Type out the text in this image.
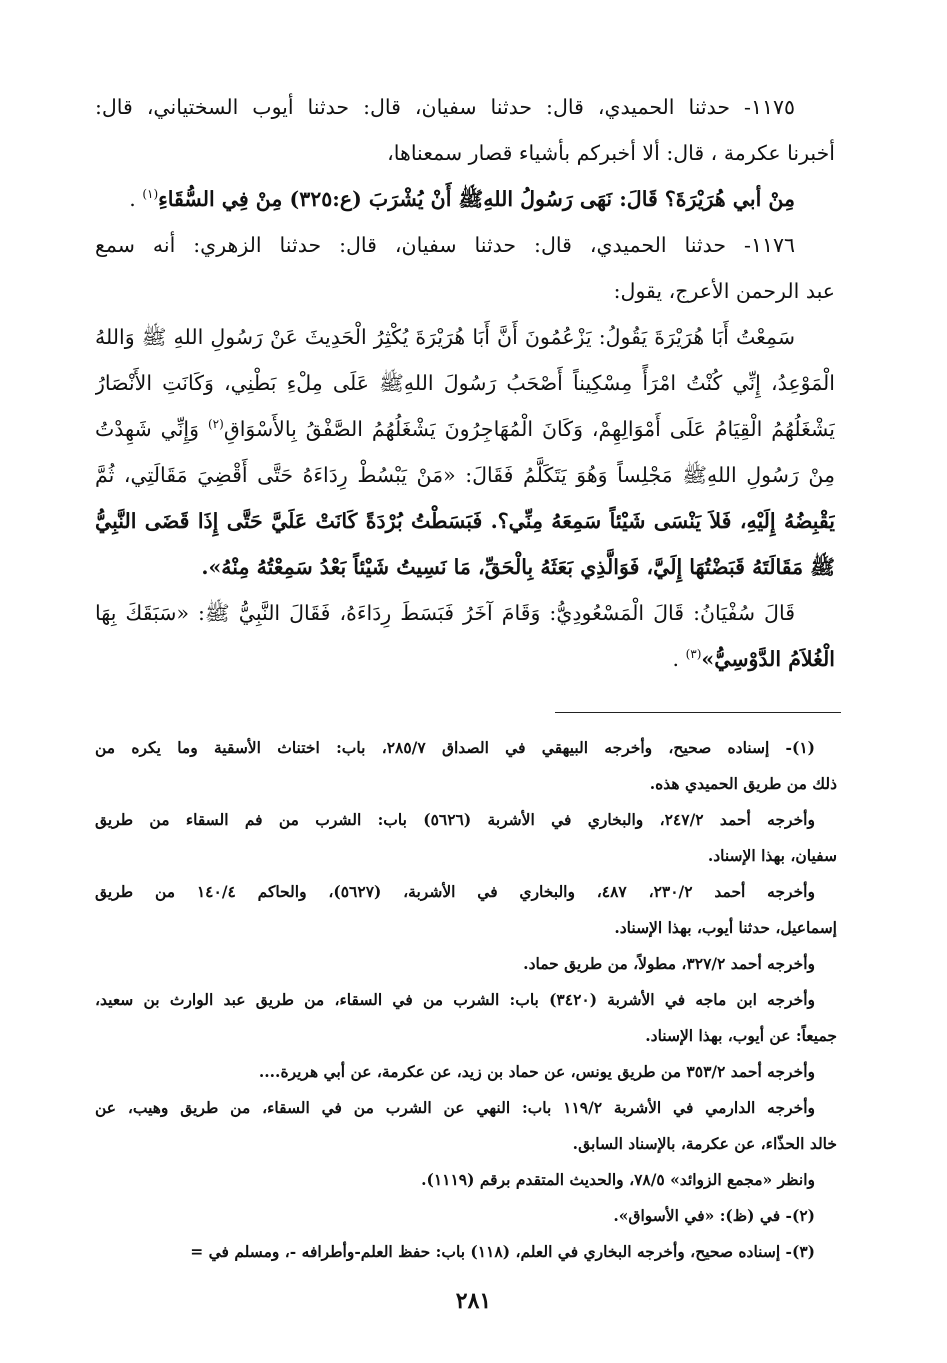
١١٧٥- حدثنا الحميدي، قال: حدثنا سفيان، قال: حدثنا أيوب السختياني، قال:
أخبرنا عكرمة ، قال: ألا أخبركم بأشياء قصار سمعناها،
مِنْ أبي هُرَيْرَةَ؟ قَالَ: نَهَى رَسُولُ اللهِﷺ أَنْ يُشْرَبَ (ع:٣٢٥) مِنْ فِي السُّقَاءِ$^{(١)}$ .
١١٧٦- حدثنا الحميدي، قال: حدثنا سفيان، قال: حدثنا الزهري: أنه سمع
عبد الرحمن الأعرج، يقول:
سَمِعْتُ أَبَا هُرَيْرَةَ يَقُولُ: يَزْعُمُونَ أَنَّ أَبَا هُرَيْرَةَ يُكْثِرُ الْحَدِيثَ عَنْ رَسُولِ اللهِ ﷺ وَاللهُ
الْمَوْعِدُ، إِنِّي كُنْتُ امْرَأً مِسْكِيناً أَصْحَبُ رَسُولَ اللهِﷺ عَلَى مِلْءِ بَطْنِي، وَكَانَتِ الأَنْصَارُ
يَشْغَلُهُمُ الْقِيَامُ عَلَى أَمْوَالِهِمْ، وَكَانَ الْمُهَاجِرُونَ يَشْغَلُهُمُ الصَّفْقُ بِالأَسْوَاقِ$^{(٢)}$ وَإِنِّي شَهِدْتُ
مِنْ رَسُولِ اللهِﷺ مَجْلِساً وَهُوَ يَتَكَلَّمُ فَقَالَ: «مَنْ يَبْسُطْ رِدَاءَهُ حَتَّى أَقْضِيَ مَقَالَتِي، ثُمَّ
يَقْبِضُهُ إِلَيْهِ، فَلاَ يَنْسَى شَيْئاً سَمِعَهُ مِنِّي؟. فَبَسَطْتُ بُرْدَةً كَانَتْ عَلَيَّ حَتَّى إِذَا قَضَى النَّبِيُّ
ﷺ مَقَالَتَهُ قَبَضْتُهَا إِلَيَّ، فَوَالَّذِي بَعَثَهُ بِالْحَقِّ، مَا نَسِيتُ شَيْئاً بَعْدُ سَمِعْتُهُ مِنْهُ».
قَالَ سُفْيَانُ: قَالَ الْمَسْعُودِيُّ: وَقَامَ آخَرُ فَبَسَطَ رِدَاءَهُ، فَقَالَ النَّبِيُّ ﷺ: «سَبَقَكَ بِهَا
الْغُلاَمُ الدَّوْسِيُّ»$^{(٣)}$ .
(١)- إسناده صحيح، وأخرجه البيهقي في الصداق ٢٨٥/٧، باب: اختناث الأسقية وما يكره من
ذلك من طريق الحميدي هذه.
وأخرجه أحمد ٢٤٧/٢، والبخاري في الأشربة (٥٦٢٦) باب: الشرب من فم السقاء من طريق
سفيان، بهذا الإسناد.
وأخرجه أحمد ٢٣٠/٢، ٤٨٧، والبخاري في الأشربة، (٥٦٢٧)، والحاكم ١٤٠/٤ من طريق
إسماعيل، حدثنا أيوب، بهذا الإسناد.
وأخرجه أحمد ٣٢٧/٢، مطولاً، من طريق حماد.
وأخرجه ابن ماجه في الأشربة (٣٤٢٠) باب: الشرب من في السقاء، من طريق عبد الوارث بن سعيد،
جميعاً: عن أيوب، بهذا الإسناد.
وأخرجه أحمد ٣٥٣/٢ من طريق يونس، عن حماد بن زيد، عن عكرمة، عن أبي هريرة....
وأخرجه الدارمي في الأشربة ١١٩/٢ باب: النهي عن الشرب من في السقاء، من طريق وهيب، عن
خالد الحذّاء، عن عكرمة، بالإسناد السابق.
وانظر «مجمع الزوائد» ٧٨/٥، والحديث المتقدم برقم (١١١٩).
(٢)- في (ظ): «في الأسواق».
(٣)- إسناده صحيح، وأخرجه البخاري في العلم، (١١٨) باب: حفظ العلم-وأطرافه -، ومسلم في =
٢٨١
